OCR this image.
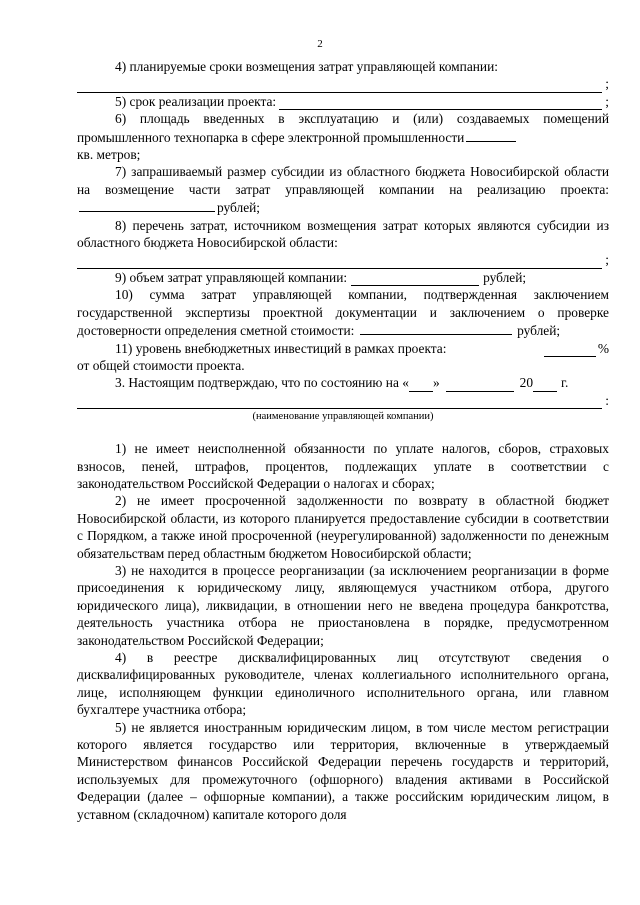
2

4) планируемые сроки возмещения затрат управляющей компании:

;
5) срок реализации проекта:	;

6) площадь введенных в эксплуатацию и (или) создаваемых помещений промышленного технопарка в сфере электронной промышленности

кв. метров;

7) запрашиваемый размер субсидии из областного бюджета Новосибирской области на возмещение части затрат управляющей компании на реализацию проекта:рублей;

8) перечень затрат, источником возмещения затрат которых являются субсидии из областного бюджета Новосибирской области:

;
9) объем затрат управляющей компании:	рублей;

10) сумма затрат управляющей компании, подтвержденная заключением государственной экспертизы проектной документации и заключением о проверке достоверности определения сметной стоимости:	рублей;

11) уровень внебюджетных инвестиций в рамках проекта:	%

от общей стоимости проекта.

3. Настоящим подтверждаю, что по состоянию на « »	20 г.
:
(наименование управляющей компании)

1) не имеет неисполненной обязанности по уплате налогов, сборов, страховых взносов, пеней, штрафов, процентов, подлежащих уплате в соответствии с законодательством Российской Федерации о налогах и сборах;

2) не имеет просроченной задолженности по возврату в областной бюджет Новосибирской области, из которого планируется предоставление субсидии в соответствии с Порядком, а также иной просроченной (неурегулированной) задолженности по денежным обязательствам перед областным бюджетом Новосибирской области;

3) не находится в процессе реорганизации (за исключением реорганизации в форме присоединения к юридическому лицу, являющемуся участником отбора, другого юридического лица), ликвидации, в отношении него не введена процедура банкротства, деятельность участника отбора не приостановлена в порядке, предусмотренном законодательством Российской Федерации;

4) в реестре дисквалифицированных лиц отсутствуют сведения о дисквалифицированных руководителе, членах коллегиального исполнительного органа, лице, исполняющем функции единоличного исполнительного органа, или главном бухгалтере участника отбора;

5) не является иностранным юридическим лицом, в том числе местом регистрации которого является государство или территория, включенные в утверждаемый Министерством финансов Российской Федерации перечень государств и территорий, используемых для промежуточного (офшорного) владения активами в Российской Федерации (далее – офшорные компании), а также российским юридическим лицом, в уставном (складочном) капитале которого доля
